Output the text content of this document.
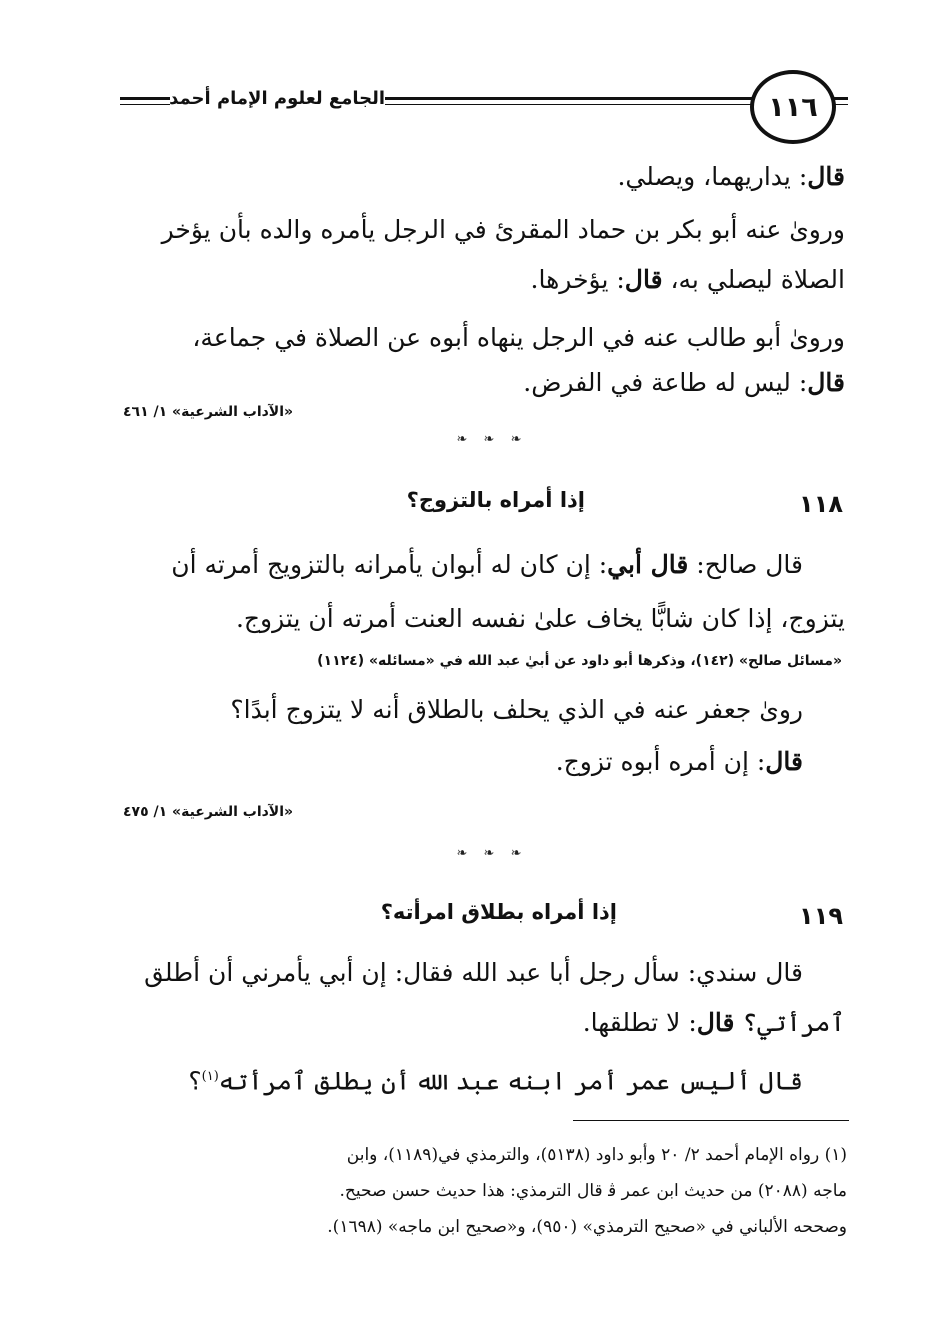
الجامع لعلوم الإمام أحمد	١١٦
قال: يداريهما، ويصلي.
ورویٰ عنه أبو بكر بن حماد المقرئ في الرجل يأمره والده بأن يؤخر
الصلاة ليصلي به، قال: يؤخرها.
وروىٰ أبو طالب عنه في الرجل ينهاه أبوه عن الصلاة في جماعة،
قال: ليس له طاعة في الفرض.
«الآداب الشرعية» ١/ ٤٦١
❧ ❧ ❧
١١٨
إذا أمراه بالتزوج؟
قال صالح: قال أبي: إن كان له أبوان يأمرانه بالتزويج أمرته أن
يتزوج، إذا كان شابًّا يخاف علىٰ نفسه العنت أمرته أن يتزوج.
«مسائل صالح» (١٤٢)، وذكرها أبو داود عن أبيٰ عبد الله في «مسائله» (١١٢٤)
رویٰ جعفر عنه في الذي يحلف بالطلاق أنه لا يتزوج أبدًا؟
قال: إن أمره أبوه تزوج.
«الآداب الشرعية» ١/ ٤٧٥
❧ ❧ ❧
١١٩
إذا أمراه بطلاق امرأته؟
قال سندي: سأل رجل أبا عبد الله فقال: إن أبي يأمرني أن أطلق
ٱمرأتي؟ قال: لا تطلقها.
قال أليس عمر أمر ابنه عبد الله أن يطلق ٱمرأته$^{(١)}$؟
(١) رواه الإمام أحمد ٢/ ٢٠ وأبو داود (٥١٣٨)، والترمذي في(١١٨٩)، وابن
ماجه (٢٠٨٨) من حديث ابن عمر ﭬ قال الترمذي: هذا حديث حسن صحيح.
وصححه الألباني في «صحيح الترمذي» (٩٥٠)، و«صحيح ابن ماجه» (١٦٩٨).
